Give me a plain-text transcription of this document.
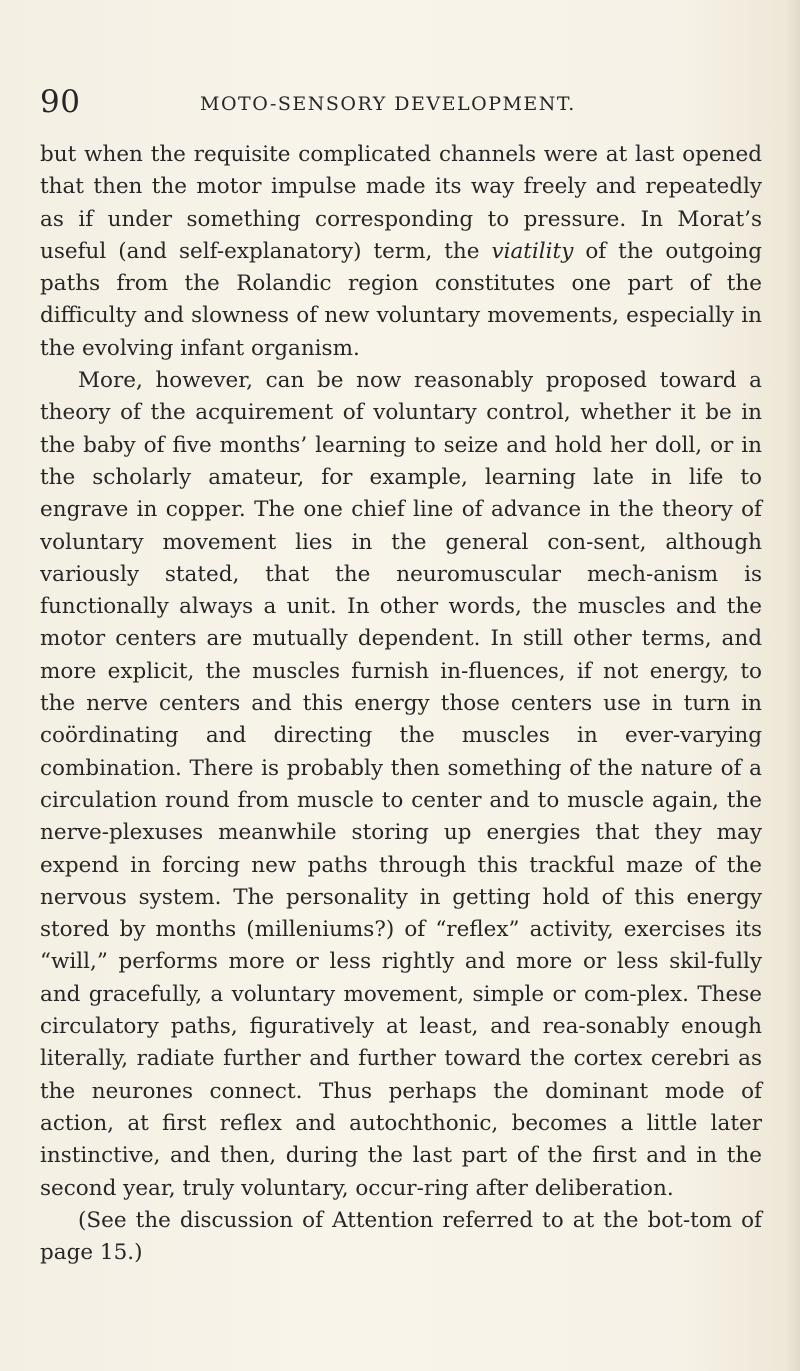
90	MOTO-SENSORY DEVELOPMENT.

but when the requisite complicated channels were at last opened that then the motor impulse made its way freely and repeatedly as if under something corresponding to pressure. In Morat’s useful (and self-explanatory) term, the viatility of the outgoing paths from the Rolandic region constitutes one part of the difficulty and slowness of new voluntary movements, especially in the evolving infant organism.

More, however, can be now reasonably proposed toward a theory of the acquirement of voluntary control, whether it be in the baby of five months’ learning to seize and hold her doll, or in the scholarly amateur, for example, learning late in life to engrave in copper. The one chief line of advance in the theory of voluntary movement lies in the general con-sent, although variously stated, that the neuromuscular mech-anism is functionally always a unit. In other words, the muscles and the motor centers are mutually dependent. In still other terms, and more explicit, the muscles furnish in-fluences, if not energy, to the nerve centers and this energy those centers use in turn in coördinating and directing the muscles in ever-varying combination. There is probably then something of the nature of a circulation round from muscle to center and to muscle again, the nerve-plexuses meanwhile storing up energies that they may expend in forcing new paths through this trackful maze of the nervous system. The personality in getting hold of this energy stored by months (milleniums?) of “reflex” activity, exercises its “will,” performs more or less rightly and more or less skil-fully and gracefully, a voluntary movement, simple or com-plex. These circulatory paths, figuratively at least, and rea-sonably enough literally, radiate further and further toward the cortex cerebri as the neurones connect. Thus perhaps the dominant mode of action, at first reflex and autochthonic, becomes a little later instinctive, and then, during the last part of the first and in the second year, truly voluntary, occur-ring after deliberation.

(See the discussion of Attention referred to at the bot-tom of page 15.)
